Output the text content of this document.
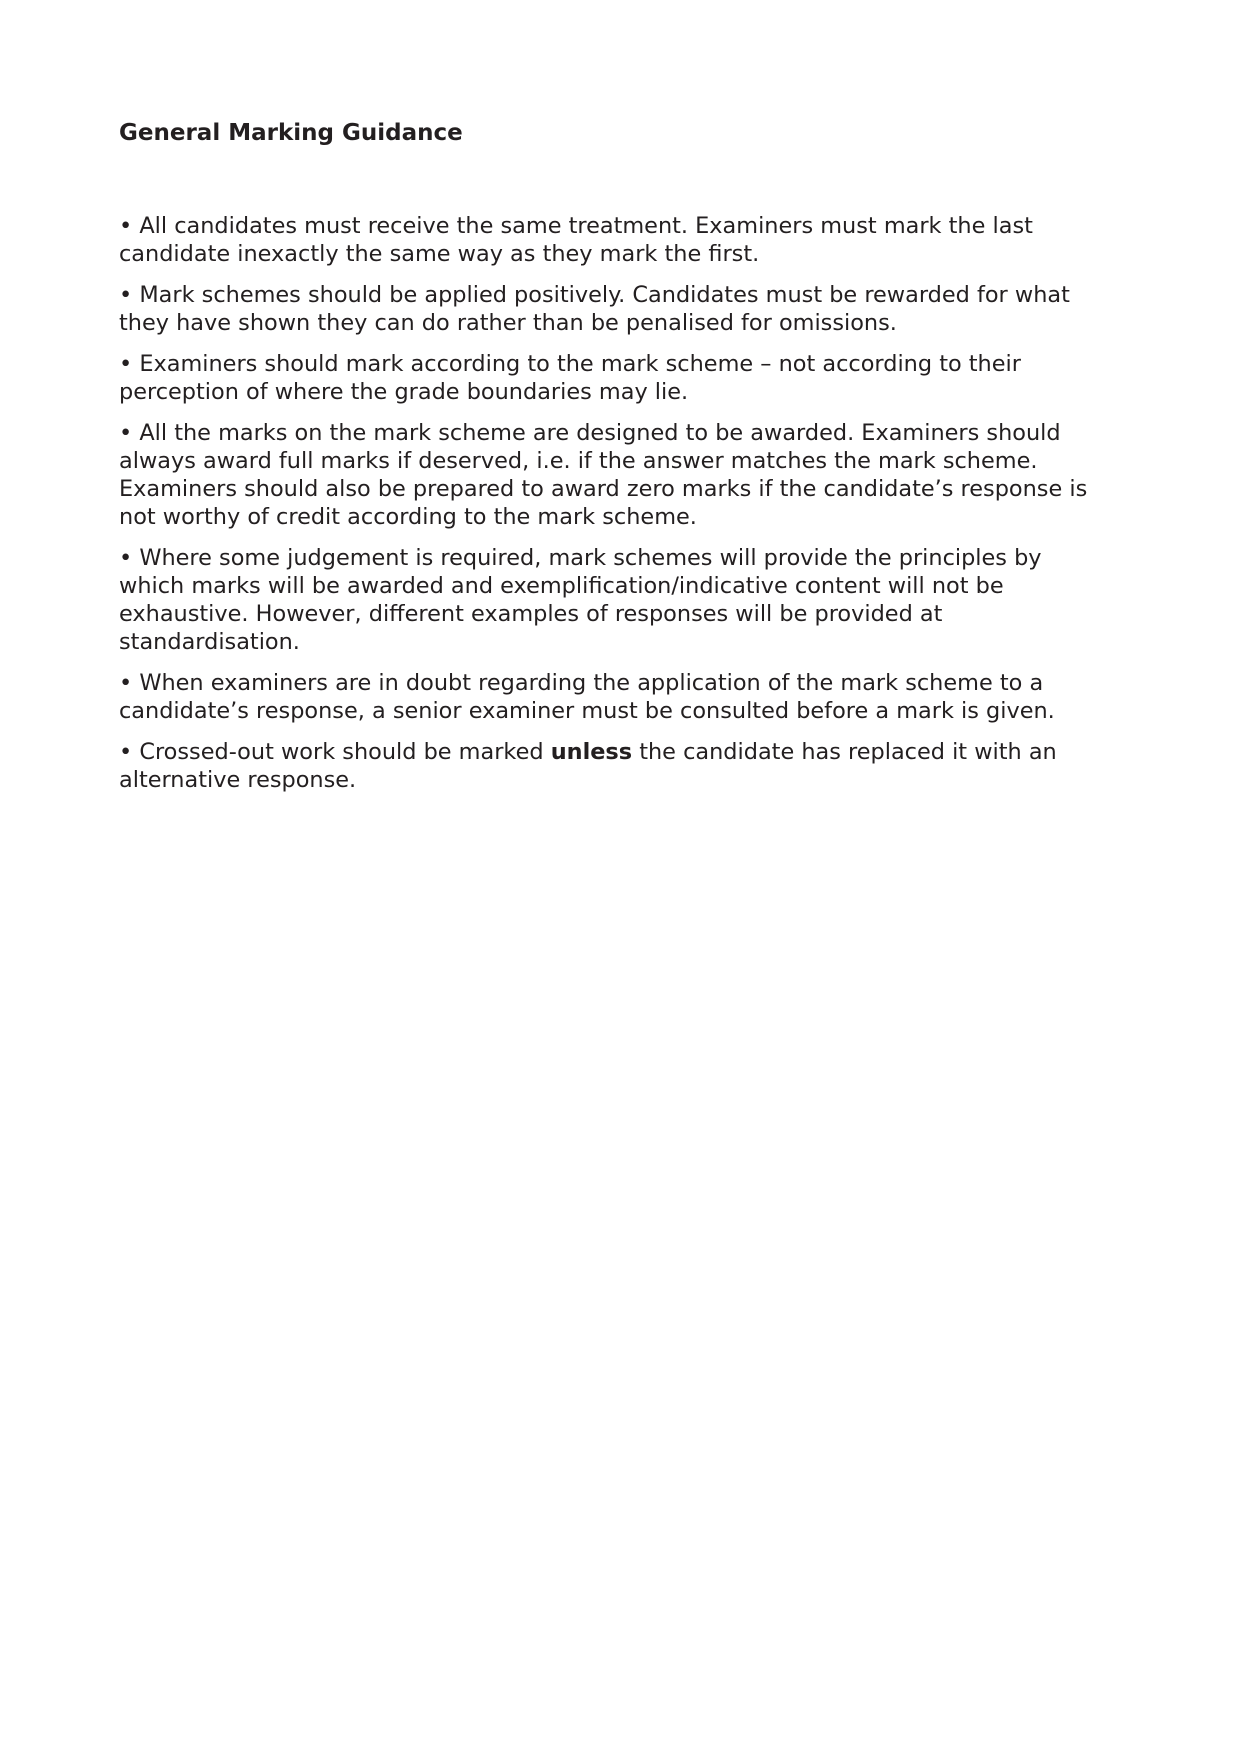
General Marking Guidance
• All candidates must receive the same treatment. Examiners must mark the last
candidate inexactly the same way as they mark the first.
• Mark schemes should be applied positively. Candidates must be rewarded for what
they have shown they can do rather than be penalised for omissions.
• Examiners should mark according to the mark scheme – not according to their
perception of where the grade boundaries may lie.
• All the marks on the mark scheme are designed to be awarded. Examiners should
always award full marks if deserved, i.e. if the answer matches the mark scheme.
Examiners should also be prepared to award zero marks if the candidate’s response is
not worthy of credit according to the mark scheme.
• Where some judgement is required, mark schemes will provide the principles by
which marks will be awarded and exemplification/indicative content will not be
exhaustive. However, different examples of responses will be provided at
standardisation.
• When examiners are in doubt regarding the application of the mark scheme to a
candidate’s response, a senior examiner must be consulted before a mark is given.
• Crossed-out work should be marked unless the candidate has replaced it with an
alternative response.
